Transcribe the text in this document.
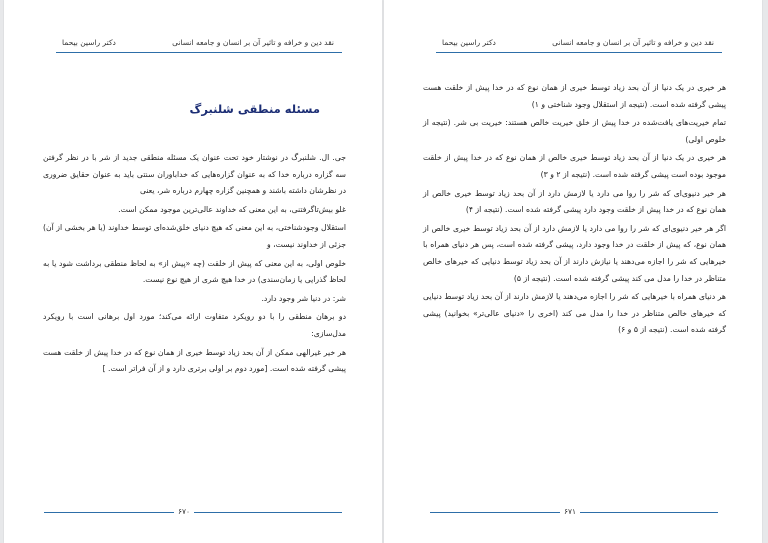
نقد دین و خرافه و تاثیر آن بر انسان و جامعه انسانی
دکتر راسین بیحما
مسئله منطقی شلنبرگ

جی. ال. شلنبرگ در نوشتار خود تحت عنوان یک مسئله منطقی جدید از شر با در نظر گرفتن سه گزاره درباره خدا که به عنوان گزاره‌هایی که خداباوران سنتی باید به عنوان حقایق ضروری در نظرشان داشته باشند و همچنین گزاره چهارم درباره شر، یعنی

غلو بیش‌تاگرفتنی، به این معنی که خداوند عالی‌ترین موجود ممکن است.

استقلال وجودشناختی، به این معنی که هیچ دنیای خلق‌شده‌ای توسط خداوند (یا هر بخشی از آن) جزئی از خداوند نیست، و

خلوص اولی، به این معنی که پیش از خلقت (چه «پیش از» به لحاظ منطقی برداشت شود یا به لحاظ گذرایی یا زمان‌سندی) در خدا هیچ شری از هیچ نوع نیست.

شر: در دنیا شر وجود دارد.

دو برهان منطقی را با دو رویکرد متفاوت ارائه می‌کند؛ مورد اول برهانی است با رویکرد مدل‌سازی:

هر خیر غیرالهی ممکن از آن بحد زیاد توسط خیری از همان نوع که در خدا پیش از خلقت هست پیشی گرفته شده است. [مورد دوم بر اولی برتری دارد و از آن فراتر است. ]

۶۷۰
نقد دین و خرافه و تاثیر آن بر انسان و جامعه انسانی
دکتر راسین بیحما

هر خیری در یک دنیا از آن بحد زیاد توسط خیری از همان نوع که در خدا پیش از خلقت هست پیشی گرفته شده است. (نتیجه از استقلال وجود شناختی و ۱)

تمام خیریت‌های یافت‌شده در خدا پیش از خلق خیریت خالص هستند: خیریت بی شر. (نتیجه از خلوص اولی)

هر خیری در یک دنیا از آن بحد زیاد توسط خیری خالص از همان نوع که در خدا پیش از خلقت موجود بوده است پیشی گرفته شده است. (نتیجه از ۲ و ۳)

هر خیر دنیوی‌ای که شر را روا می دارد یا لازمش دارد از آن بحد زیاد توسط خیری خالص از همان نوع که در خدا پیش از خلقت وجود دارد پیشی گرفته شده است. (نتیجه از ۴)

اگر هر خیر دنیوی‌ای که شر را روا می دارد یا لازمش دارد از آن بحد زیاد توسط خیری خالص از همان نوع، که پیش از خلقت در خدا وجود دارد، پیشی گرفته شده است، پس هر دنیای همراه با خیرهایی که شر را اجازه می‌دهند یا نیازش دارند از آن بحد زیاد توسط دنیایی که خیرهای خالص متناظر در خدا را مدل می کند پیشی گرفته شده است. (نتیجه از ۵)

هر دنیای همراه با خیرهایی که شر را اجازه می‌دهند یا لازمش دارند از آن بحد زیاد توسط دنیایی که خیرهای خالص متناظر در خدا را مدل می کند (اخری را «دنیای عالی‌تر» بخوانید) پیشی گرفته شده است. (نتیجه از ۵ و ۶)

۶۷۱
